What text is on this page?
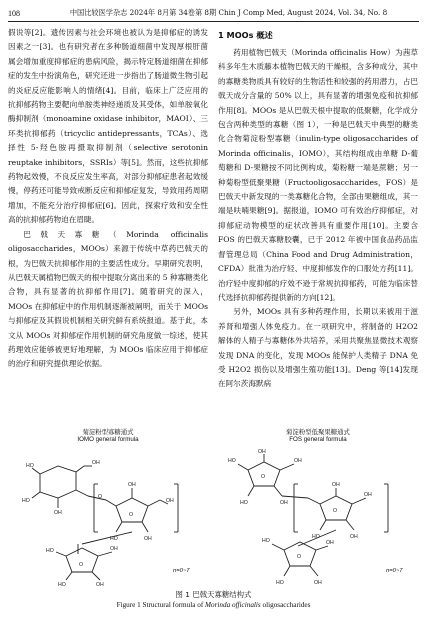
108	中国比较医学杂志 2024年 8月第 34卷第 8期 Chin J Comp Med, August 2024, Vol. 34, No. 8

假说等[2]。遗传因素与社会环境也被认为是抑郁症的诱发因素之一[3]。也有研究者在多种肠道细菌中发现厚根肝菌属会增加重度抑郁症的患病风险，揭示特定肠道细菌在抑郁症的发生中扮演角色，研究还进一步指出了肠道微生物引起的炎症反应能影响人的情绪[4]。目前，临床上广泛应用的抗抑郁药物主要靶向单胺类神经递质及其受体，如单胺氧化酶抑制剂（monoamine oxidase inhibitor，MAOI）、三环类抗抑郁药（tricyclic antidepressants，TCAs）、选择性 5-羟色胺再摄取抑制剂（selective serotonin reuptake inhibitors，SSRIs）等[5]。然而，这些抗抑郁药物起效慢，不良反应发生率高，对部分抑郁症患者起效缓慢，停药还可能导致戒断反应和抑郁症复发，导致用药周期增加，不能充分治疗抑郁症[6]。因此，探索疗效和安全性高的抗抑郁药物迫在眉睫。

巴戟天寡糖（Morinda officinalis oligosaccharides，MOOs）来源于传统中草药巴戟天的根，为巴戟天抗抑郁作用的主要活性成分。早期研究表明，从巴戟天属植物巴戟天的根中提取分离出来的 5 种寡糖类化合物，具有显著的抗抑郁作用[7]。随着研究的深入，MOOs 在抑郁症中的作用机制逐渐被阐明，而关于 MOOs 与抑郁症及其假说机制相关研究鲜有系统报道。基于此，本文从 MOOs 对抑郁症作用机制的研究角度做一综述，使其药理效应能够被更好地理解，为 MOOs 临床应用于抑郁症的治疗和研究提供理论依据。

1 MOOs 概述

药用植物巴戟天（Morinda officinalis How）为茜草科多年生木质藤本植物巴戟天的干燥根，含多种成分，其中的寡糖类物质具有较好的生物活性和较强的药用潜力，占巴戟天成分含量的 50% 以上，具有显著的增强免疫和抗抑郁作用[8]。MOOs 是从巴戟天根中提取的低聚糖，化学成分包含两种类型的寡糖（图 1），一种是巴戟天中典型的糖类化合物菊淀粉型寡糖（inulin-type oligosaccharides of Morinda officinalis，IOMO），其结构组成由单糖 D-葡萄糖和 D-果糖按不同比例构成，菊粉糖一端是蔗糖；另一种菊粉型低聚果糖（Fructooligosaccharides，FOS）是巴戟天中新发现的一类寡糖化合物，全部由果糖组成，其一端是呋喃果糖[9]。据报道，IOMO 可有效治疗抑郁症，对抑郁症动物模型的症状改善具有重要作用[10]。主要含 FOS 的巴戟天寡糖胶囊，已于 2012 年被中国食品药品监督管理总局（China Food and Drug Administration，CFDA）批准为治疗轻、中度抑郁发作的口服处方药[11]。治疗轻中度抑郁的疗效不逊于常规抗抑郁药，可能为临床替代选择抗抑郁药提供新的方向[12]。

另外，MOOs 具有多种药理作用，长期以来被用于滋养肾和增强人体免疫力。在一项研究中，将制备的 H2O2 解体的人精子与寡糖体外共培养，采用共聚焦显微技术观察发现 DNA 的变化，发现 MOOs 能保护人类精子 DNA 免受 H2O2 损伤以及增强生殖功能[13]。Deng 等[14]发现在阿尔茨海默病

菊淀粉型寡糖通式
IOMO general formula
菊淀粉型低聚果糖通式
FOS general formula
HO	OH
OH
HO
OH
OH
HO	OH
HO	OH
HO	OH
O
O
O
n=0~7
HO
OH
OH
HO	OH
OH
OH
HO	OH
HO	OH
HO	OH
O
O
O
n=0~7
图 1 巴戟天寡糖结构式
Figure 1 Structural formula of Morinda officinalis oligosaccharides
